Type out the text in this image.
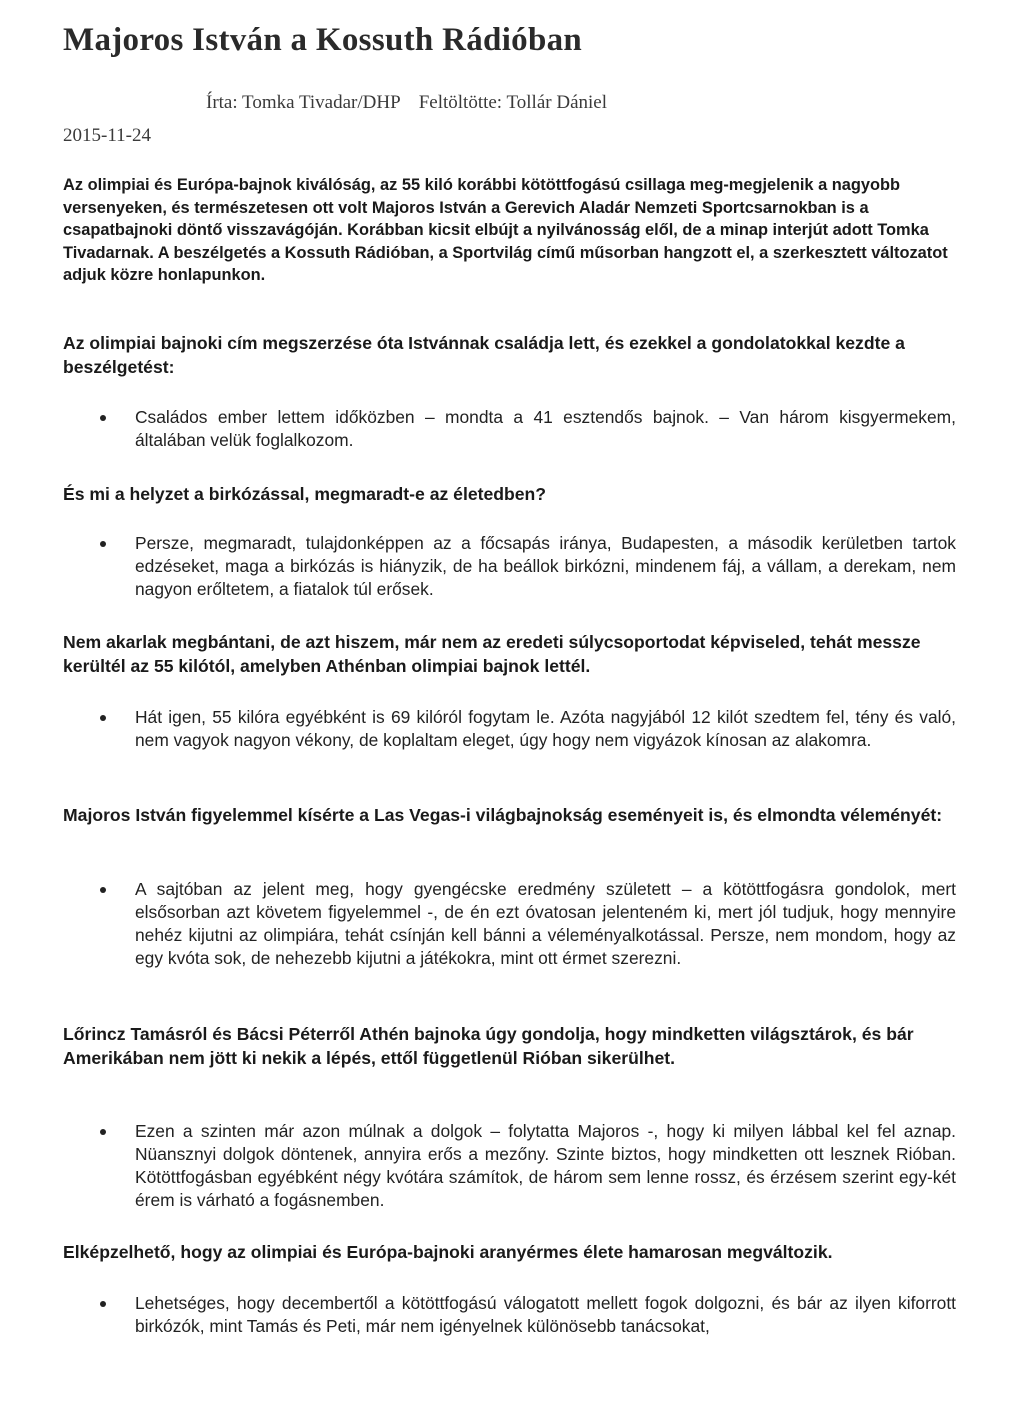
Majoros István a Kossuth Rádióban
Írta: Tomka Tivadar/DHP Feltöltötte: Tollár Dániel
2015-11-24

Az olimpiai és Európa-bajnok kiválóság, az 55 kiló korábbi kötöttfogású csillaga meg-megjelenik a nagyobb versenyeken, és természetesen ott volt Majoros István a Gerevich Aladár Nemzeti Sportcsarnokban is a csapatbajnoki döntő visszavágóján. Korábban kicsit elbújt a nyilvánosság elől, de a minap interjút adott Tomka Tivadarnak. A beszélgetés a Kossuth Rádióban, a Sportvilág című műsorban hangzott el, a szerkesztett változatot adjuk közre honlapunkon.

Az olimpiai bajnoki cím megszerzése óta Istvánnak családja lett, és ezekkel a gondolatokkal kezdte a beszélgetést:

Családos ember lettem időközben – mondta a 41 esztendős bajnok. – Van három kisgyermekem, általában velük foglalkozom.

És mi a helyzet a birkózással, megmaradt-e az életedben?

Persze, megmaradt, tulajdonképpen az a főcsapás iránya, Budapesten, a második kerületben tartok edzéseket, maga a birkózás is hiányzik, de ha beállok birkózni, mindenem fáj, a vállam, a derekam, nem nagyon erőltetem, a fiatalok túl erősek.

Nem akarlak megbántani, de azt hiszem, már nem az eredeti súlycsoportodat képviseled, tehát messze kerültél az 55 kilótól, amelyben Athénban olimpiai bajnok lettél.

Hát igen, 55 kilóra egyébként is 69 kilóról fogytam le. Azóta nagyjából 12 kilót szedtem fel, tény és való, nem vagyok nagyon vékony, de koplaltam eleget, úgy hogy nem vigyázok kínosan az alakomra.

Majoros István figyelemmel kísérte a Las Vegas-i világbajnokság eseményeit is, és elmondta véleményét:

A sajtóban az jelent meg, hogy gyengécske eredmény született – a kötöttfogásra gondolok, mert elsősorban azt követem figyelemmel -, de én ezt óvatosan jelenteném ki, mert jól tudjuk, hogy mennyire nehéz kijutni az olimpiára, tehát csínján kell bánni a véleményalkotással. Persze, nem mondom, hogy az egy kvóta sok, de nehezebb kijutni a játékokra, mint ott érmet szerezni.

Lőrincz Tamásról és Bácsi Péterről Athén bajnoka úgy gondolja, hogy mindketten világsztárok, és bár Amerikában nem jött ki nekik a lépés, ettől függetlenül Rióban sikerülhet.

Ezen a szinten már azon múlnak a dolgok – folytatta Majoros -, hogy ki milyen lábbal kel fel aznap. Nüansznyi dolgok döntenek, annyira erős a mezőny. Szinte biztos, hogy mindketten ott lesznek Rióban. Kötöttfogásban egyébként négy kvótára számítok, de három sem lenne rossz, és érzésem szerint egy-két érem is várható a fogásnemben.

Elképzelhető, hogy az olimpiai és Európa-bajnoki aranyérmes élete hamarosan megváltozik.

Lehetséges, hogy decembertől a kötöttfogású válogatott mellett fogok dolgozni, és bár az ilyen kiforrott birkózók, mint Tamás és Peti, már nem igényelnek különösebb tanácsokat,
